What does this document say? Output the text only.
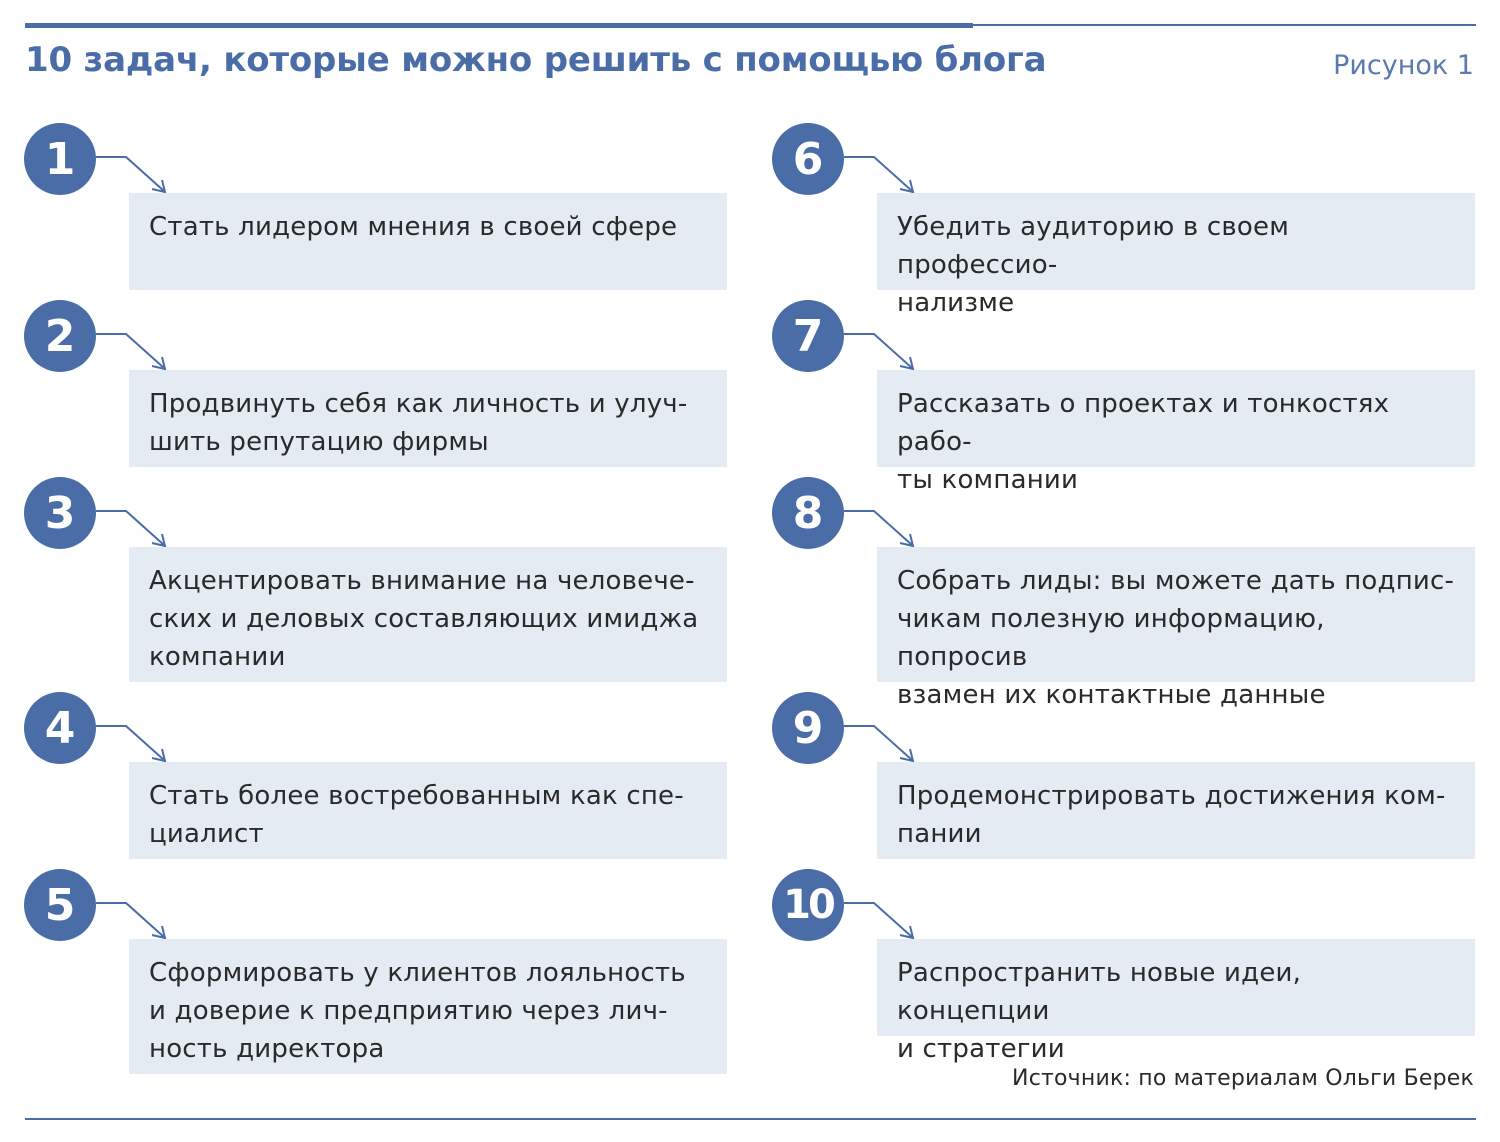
10 задач, которые можно решить с помощью блога	Рисунок 1
1
Стать лидером мнения в своей сфере
2
Продвинуть себя как личность и улуч-
шить репутацию фирмы
3
Акцентировать внимание на человече-
ских и деловых составляющих имиджа
компании
4
Стать более востребованным как спе-
циалист
5
Сформировать у клиентов лояльность
и доверие к предприятию через лич-
ность директора
6
Убедить аудиторию в своем профессио-
нализме
7
Рассказать о проектах и тонкостях рабо-
ты компании
8
Собрать лиды: вы можете дать подпис-
чикам полезную информацию, попросив
взамен их контактные данные
9
Продемонстрировать достижения ком-
пании
10
Распространить новые идеи, концепции
и стратегии
Источник: по материалам Ольги Берек
